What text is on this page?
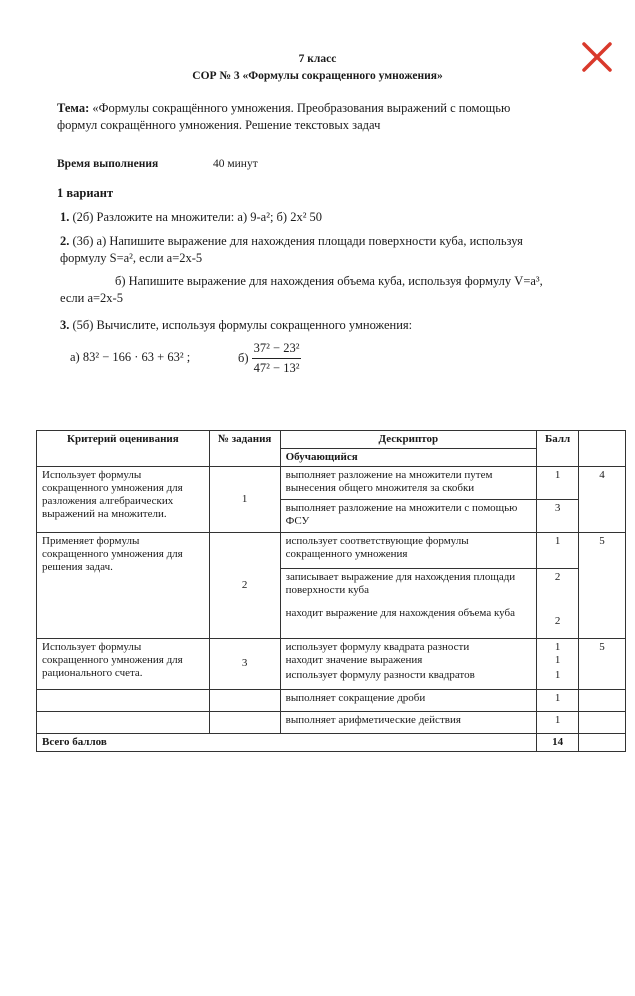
7 класс
СОР № 3 «Формулы сокращенного умножения»
Тема: «Формулы сокращённого умножения. Преобразования выражений с помощью
формул сокращённого умножения. Решение текстовых задач
Время выполнения	40 минут
1 вариант
1. (2б) Разложите на множители: а) 9-a²; б) 2x² 50
2. (3б) а) Напишите выражение для нахождения площади поверхности куба, используя
формулу S=a², если a=2x-5
б) Напишите выражение для нахождения объема куба, используя формулу V=a³,
если a=2x-5
3. (5б) Вычислите, используя формулы сокращенного умножения:
а) 83² − 166 · 63 + 63² ;	$б) \frac{\text{37² − 23²}}{\text{47² − 13²}}$
Критерий оценивания	№ задания	Дескриптор	Балл	
		Обучающийся		
Использует формулы сокращенного умножения для разложения алгебраических выражений на множители.	1	выполняет разложение на множители путем вынесения общего множителя за скобки	1	4
		выполняет разложение на множители с помощью ФСУ	3	
Применяет формулы сокращенного умножения для решения задач.	2	использует соответствующие формулы сокращенного умножения	1	5
		записывает выражение для нахождения площади поверхности куба	2	
		находит выражение для нахождения объема куба	2	
Использует формулы сокращенного умножения для рационального счета.	3	использует формулу квадрата разности	1	5
		находит значение выражения	1	
		использует формулу разности квадратов	1	
		выполняет сокращение дроби	1	
		выполняет арифметические действия	1	
Всего баллов			14	
